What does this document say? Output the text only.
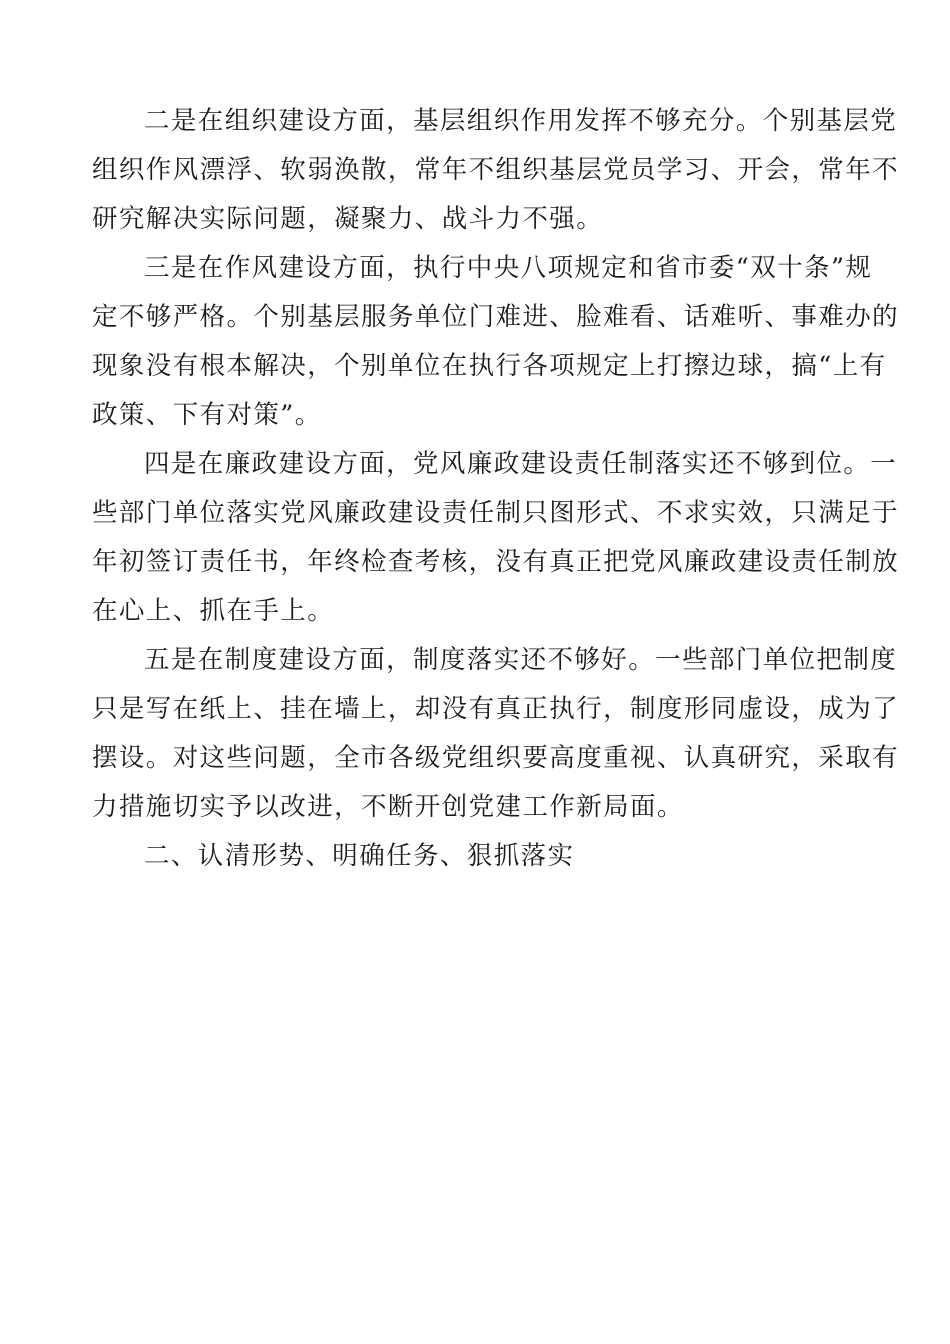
二是在组织建设方面，基层组织作用发挥不够充分。个别基层党
组织作风漂浮、软弱涣散，常年不组织基层党员学习、开会，常年不
研究解决实际问题，凝聚力、战斗力不强。
三是在作风建设方面，执行中央八项规定和省市委“双十条”规
定不够严格。个别基层服务单位门难进、脸难看、话难听、事难办的
现象没有根本解决，个别单位在执行各项规定上打擦边球，搞“上有
政策、下有对策”。
四是在廉政建设方面，党风廉政建设责任制落实还不够到位。一
些部门单位落实党风廉政建设责任制只图形式、不求实效，只满足于
年初签订责任书，年终检查考核，没有真正把党风廉政建设责任制放
在心上、抓在手上。
五是在制度建设方面，制度落实还不够好。一些部门单位把制度
只是写在纸上、挂在墙上，却没有真正执行，制度形同虚设，成为了
摆设。对这些问题，全市各级党组织要高度重视、认真研究，采取有
力措施切实予以改进，不断开创党建工作新局面。
二、认清形势、明确任务、狠抓落实
